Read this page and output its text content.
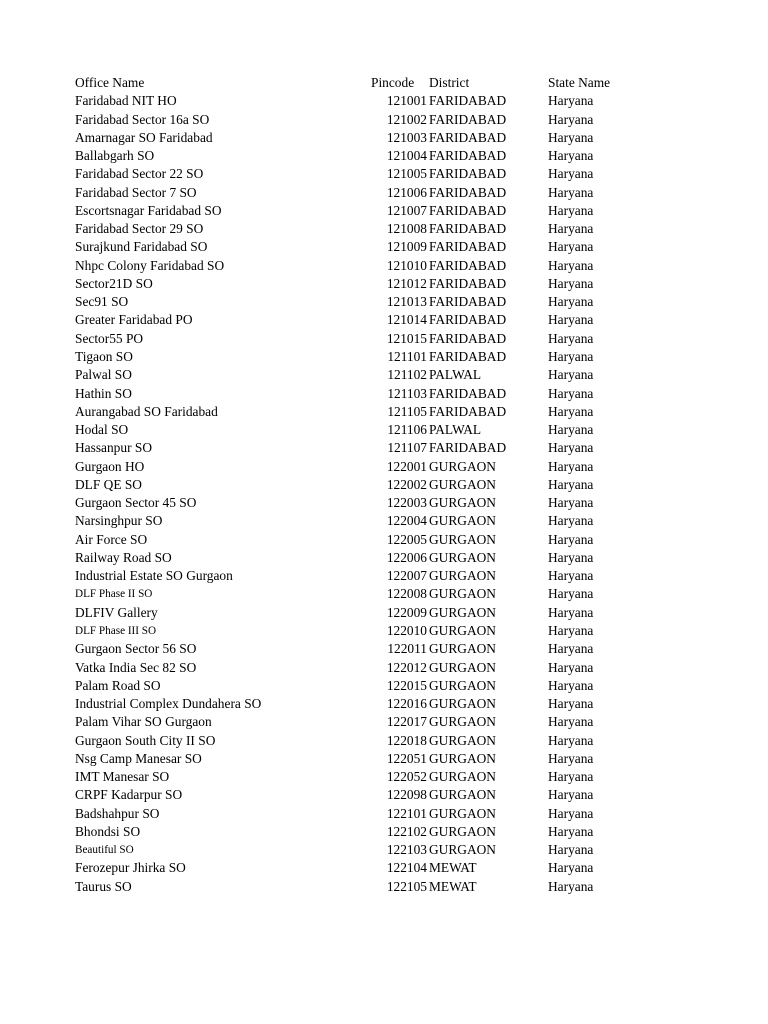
Office Name	Pincode District	State Name
Faridabad NIT HO	121001 FARIDABAD	Haryana
Faridabad Sector 16a SO	121002 FARIDABAD	Haryana
Amarnagar SO Faridabad	121003 FARIDABAD	Haryana
Ballabgarh SO	121004 FARIDABAD	Haryana
Faridabad Sector 22 SO	121005 FARIDABAD	Haryana
Faridabad Sector 7 SO	121006 FARIDABAD	Haryana
Escortsnagar Faridabad SO	121007 FARIDABAD	Haryana
Faridabad Sector 29 SO	121008 FARIDABAD	Haryana
Surajkund Faridabad SO	121009 FARIDABAD	Haryana
Nhpc Colony Faridabad SO	121010 FARIDABAD	Haryana
Sector21D SO	121012 FARIDABAD	Haryana
Sec91 SO	121013 FARIDABAD	Haryana
Greater Faridabad PO	121014 FARIDABAD	Haryana
Sector55 PO	121015 FARIDABAD	Haryana
Tigaon SO	121101 FARIDABAD	Haryana
Palwal SO	121102 PALWAL	Haryana
Hathin SO	121103 FARIDABAD	Haryana
Aurangabad SO Faridabad	121105 FARIDABAD	Haryana
Hodal SO	121106 PALWAL	Haryana
Hassanpur SO	121107 FARIDABAD	Haryana
Gurgaon HO	122001 GURGAON	Haryana
DLF QE SO	122002 GURGAON	Haryana
Gurgaon Sector 45 SO	122003 GURGAON	Haryana
Narsinghpur SO	122004 GURGAON	Haryana
Air Force SO	122005 GURGAON	Haryana
Railway Road SO	122006 GURGAON	Haryana
Industrial Estate SO Gurgaon	122007 GURGAON	Haryana
DLF Phase II SO	122008 GURGAON	Haryana
DLFIV Gallery	122009 GURGAON	Haryana
DLF Phase III SO	122010 GURGAON	Haryana
Gurgaon Sector 56 SO	122011 GURGAON	Haryana
Vatka India Sec 82 SO	122012 GURGAON	Haryana
Palam Road SO	122015 GURGAON	Haryana
Industrial Complex Dundahera SO	122016 GURGAON	Haryana
Palam Vihar SO Gurgaon	122017 GURGAON	Haryana
Gurgaon South City II SO	122018 GURGAON	Haryana
Nsg Camp Manesar SO	122051 GURGAON	Haryana
IMT Manesar SO	122052 GURGAON	Haryana
CRPF Kadarpur SO	122098 GURGAON	Haryana
Badshahpur SO	122101 GURGAON	Haryana
Bhondsi SO	122102 GURGAON	Haryana
Beautiful SO	122103 GURGAON	Haryana
Ferozepur Jhirka SO	122104 MEWAT	Haryana
Taurus SO	122105 MEWAT	Haryana
